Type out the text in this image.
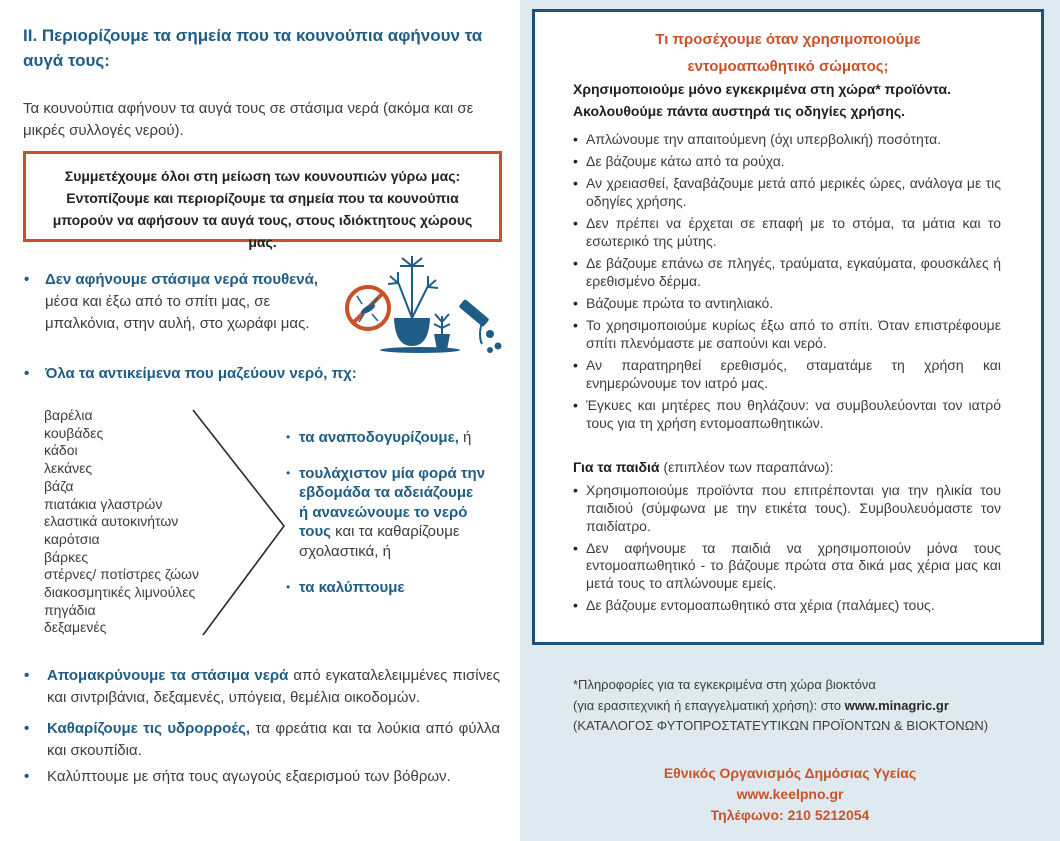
II. Περιορίζουμε τα σημεία που τα κουνούπια αφήνουν τα αυγά τους:
Τα κουνούπια αφήνουν τα αυγά τους σε στάσιμα νερά (ακόμα και σε μικρές συλλογές νερού).
Συμμετέχουμε όλοι στη μείωση των κουνουπιών γύρω μας: Εντοπίζουμε και περιορίζουμε τα σημεία που τα κουνούπια μπορούν να αφήσουν τα αυγά τους, στους ιδιόκτητους χώρους μας.
•	Δεν αφήνουμε στάσιμα νερά πουθενά, μέσα και έξω από το σπίτι μας, σε μπαλκόνια, στην αυλή, στο χωράφι μας.
•	Όλα τα αντικείμενα που μαζεύουν νερό, πχ:
βαρέλια
κουβάδες
κάδοι
λεκάνες
βάζα
πιατάκια γλαστρών
ελαστικά αυτοκινήτων
καρότσια
βάρκες
στέρνες/ ποτίστρες ζώων
διακοσμητικές λιμνούλες
πηγάδια
δεξαμενές
• τα αναποδογυρίζουμε, ή
• τουλάχιστον μία φορά την εβδομάδα τα αδειάζουμε ή ανανεώνουμε το νερό τους και τα καθαρίζουμε σχολαστικά, ή
• τα καλύπτουμε
•	Απομακρύνουμε τα στάσιμα νερά από εγκαταλελειμμένες πισίνες και σιντριβάνια, δεξαμενές, υπόγεια, θεμέλια οικοδομών.
•	Καθαρίζουμε τις υδρορροές, τα φρεάτια και τα λούκια από φύλλα και σκουπίδια.
•	Καλύπτουμε με σήτα τους αγωγούς εξαερισμού των βόθρων.
Τι προσέχουμε όταν χρησιμοποιούμε
εντομοαπωθητικό σώματος;
Χρησιμοποιούμε μόνο εγκεκριμένα στη χώρα* προϊόντα.
Ακολουθούμε πάντα αυστηρά τις οδηγίες χρήσης.
• Απλώνουμε την απαιτούμενη (όχι υπερβολική) ποσότητα.
• Δε βάζουμε κάτω από τα ρούχα.
• Αν χρειασθεί, ξαναβάζουμε μετά από μερικές ώρες, ανάλογα με τις οδηγίες χρήσης.
• Δεν πρέπει να έρχεται σε επαφή με το στόμα, τα μάτια και το εσωτερικό της μύτης.
• Δε βάζουμε επάνω σε πληγές, τραύματα, εγκαύματα, φουσκάλες ή ερεθισμένο δέρμα.
• Βάζουμε πρώτα το αντιηλιακό.
• Το χρησιμοποιούμε κυρίως έξω από το σπίτι. Όταν επιστρέφουμε σπίτι πλενόμαστε με σαπούνι και νερό.
• Αν παρατηρηθεί ερεθισμός, σταματάμε τη χρήση και ενημερώνουμε τον ιατρό μας.
• Έγκυες και μητέρες που θηλάζουν: να συμβουλεύονται τον ιατρό τους για τη χρήση εντομοαπωθητικών.
Για τα παιδιά (επιπλέον των παραπάνω):
• Χρησιμοποιούμε προϊόντα που επιτρέπονται για την ηλικία του παιδιού (σύμφωνα με την ετικέτα τους). Συμβουλευόμαστε τον παιδίατρο.
• Δεν αφήνουμε τα παιδιά να χρησιμοποιούν μόνα τους εντομοαπωθητικό - το βάζουμε πρώτα στα δικά μας χέρια μας και μετά τους το απλώνουμε εμείς.
• Δε βάζουμε εντομοαπωθητικό στα χέρια (παλάμες) τους.
*Πληροφορίες για τα εγκεκριμένα στη χώρα βιοκτόνα
(για ερασιτεχνική ή επαγγελματική χρήση): στο www.minagric.gr
(ΚΑΤΑΛΟΓΟΣ ΦΥΤΟΠΡΟΣΤΑΤΕΥΤΙΚΩΝ ΠΡΟΪΟΝΤΩΝ & ΒΙΟΚΤΟΝΩΝ)
Εθνικός Οργανισμός Δημόσιας Υγείας
www.keelpno.gr
Τηλέφωνο: 210 5212054
